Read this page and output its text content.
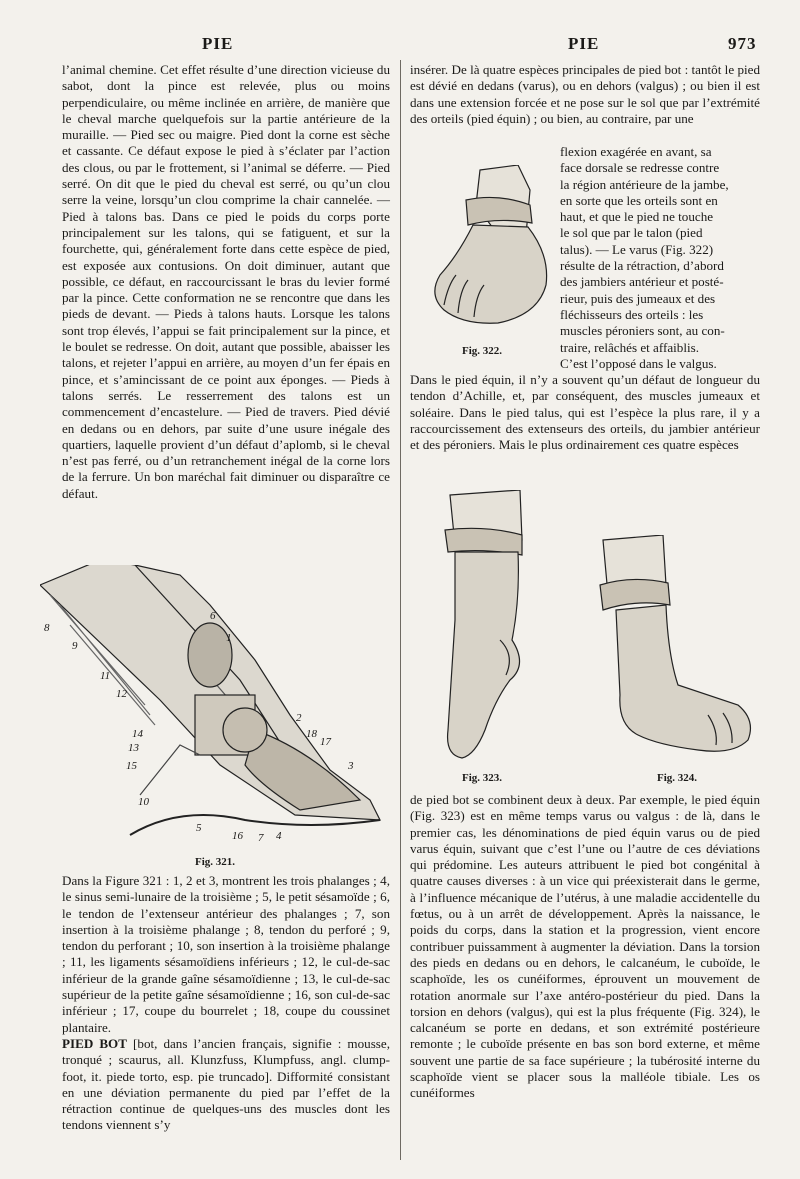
PIE	PIE	973

l’animal chemine. Cet effet résulte d’une direction vicieuse du sabot, dont la pince est relevée, plus ou moins perpendiculaire, ou même inclinée en arrière, de manière que le cheval marche quelquefois sur la partie antérieure de la muraille. — Pied sec ou maigre. Pied dont la corne est sèche et cassante. Ce défaut expose le pied à s’éclater par l’action des clous, ou par le frottement, si l’animal se déferre. — Pied serré. On dit que le pied du cheval est serré, ou qu’un clou serre la veine, lorsqu’un clou comprime la chair cannelée. — Pied à talons bas. Dans ce pied le poids du corps porte principalement sur les talons, qui se fatiguent, et sur la fourchette, qui, généralement forte dans cette espèce de pied, est exposée aux contusions. On doit diminuer, autant que possible, ce défaut, en raccourcissant le bras du levier formé par la pince. Cette conformation ne se rencontre que dans les pieds de devant. — Pieds à talons hauts. Lorsque les talons sont trop élevés, l’appui se fait principalement sur la pince, et le boulet se redresse. On doit, autant que possible, abaisser les talons, et rejeter l’appui en arrière, au moyen d’un fer épais en pince, et s’amincissant de ce point aux éponges. — Pieds à talons serrés. Le resserrement des talons est un commencement d’encastelure. — Pied de travers. Pied dévié en dedans ou en dehors, par suite d’une usure inégale des quartiers, laquelle provient d’un défaut d’aplomb, si le cheval n’est pas ferré, ou d’un retranchement inégal de la corne lors de la ferrure. Un bon maréchal fait diminuer ou disparaître ce défaut.

8
9
6
1
11
12
2
17
18
14
13
15	3
10
5
16	4
7
Fig. 321.

Dans la Figure 321 : 1, 2 et 3, montrent les trois phalanges ; 4, le sinus semi-lunaire de la troisième ; 5, le petit sésamoïde ; 6, le tendon de l’extenseur antérieur des phalanges ; 7, son insertion à la troisième phalange ; 8, tendon du perforé ; 9, tendon du perforant ; 10, son insertion à la troisième phalange ; 11, les ligaments sésamoïdiens inférieurs ; 12, le cul-de-sac inférieur de la grande gaîne sésamoïdienne ; 13, le cul-de-sac supérieur de la petite gaîne sésamoïdienne ; 16, son cul-de-sac inférieur ; 17, coupe du bourrelet ; 18, coupe du coussinet plantaire.

PIED BOT [bot, dans l’ancien français, signifie : mousse, tronqué ; scaurus, all. Klunzfuss, Klumpfuss, angl. clump-foot, it. piede torto, esp. pie truncado]. Difformité consistant en une déviation permanente du pied par l’effet de la rétraction continue de quelques-uns des muscles dont les tendons viennent s’y

insérer. De là quatre espèces principales de pied bot : tantôt le pied est dévié en dedans (varus), ou en dehors (valgus) ; ou bien il est dans une extension forcée et ne pose sur le sol que par l’extrémité des orteils (pied équin) ; ou bien, au contraire, par une

Fig. 322.
flexion exagérée en avant, sa
face dorsale se redresse contre
la région antérieure de la jambe,
en sorte que les orteils sont en
haut, et que le pied ne touche
le sol que par le talon (pied
talus). — Le varus (Fig. 322)
résulte de la rétraction, d’abord
des jambiers antérieur et posté-
rieur, puis des jumeaux et des
fléchisseurs des orteils : les
muscles péroniers sont, au con-
traire, relâchés et affaiblis.
C’est l’opposé dans le valgus.

Dans le pied équin, il n’y a souvent qu’un défaut de longueur du tendon d’Achille, et, par conséquent, des muscles jumeaux et soléaire. Dans le pied talus, qui est l’espèce la plus rare, il y a raccourcissement des extenseurs des orteils, du jambier antérieur et des péroniers. Mais le plus ordinairement ces quatre espèces

Fig. 323.	Fig. 324.

de pied bot se combinent deux à deux. Par exemple, le pied équin (Fig. 323) est en même temps varus ou valgus : de là, dans le premier cas, les dénominations de pied équin varus ou de pied varus équin, suivant que c’est l’une ou l’autre de ces déviations qui prédomine. Les auteurs attribuent le pied bot congénital à quatre causes diverses : à un vice qui préexisterait dans le germe, à l’influence mécanique de l’utérus, à une maladie accidentelle du fœtus, ou à un arrêt de développement. Après la naissance, le poids du corps, dans la station et la progression, vient encore contribuer puissamment à augmenter la déviation. Dans la torsion des pieds en dedans ou en dehors, le calcanéum, le cuboïde, le scaphoïde, les os cunéiformes, éprouvent un mouvement de rotation anormale sur l’axe antéro-postérieur du pied. Dans la torsion en dehors (valgus), qui est la plus fréquente (Fig. 324), le calcanéum se porte en dedans, et son extrémité postérieure remonte ; le cuboïde présente en bas son bord externe, et même souvent une partie de sa face supérieure ; la tubérosité interne du scaphoïde vient se placer sous la malléole tibiale. Les os cunéiformes
